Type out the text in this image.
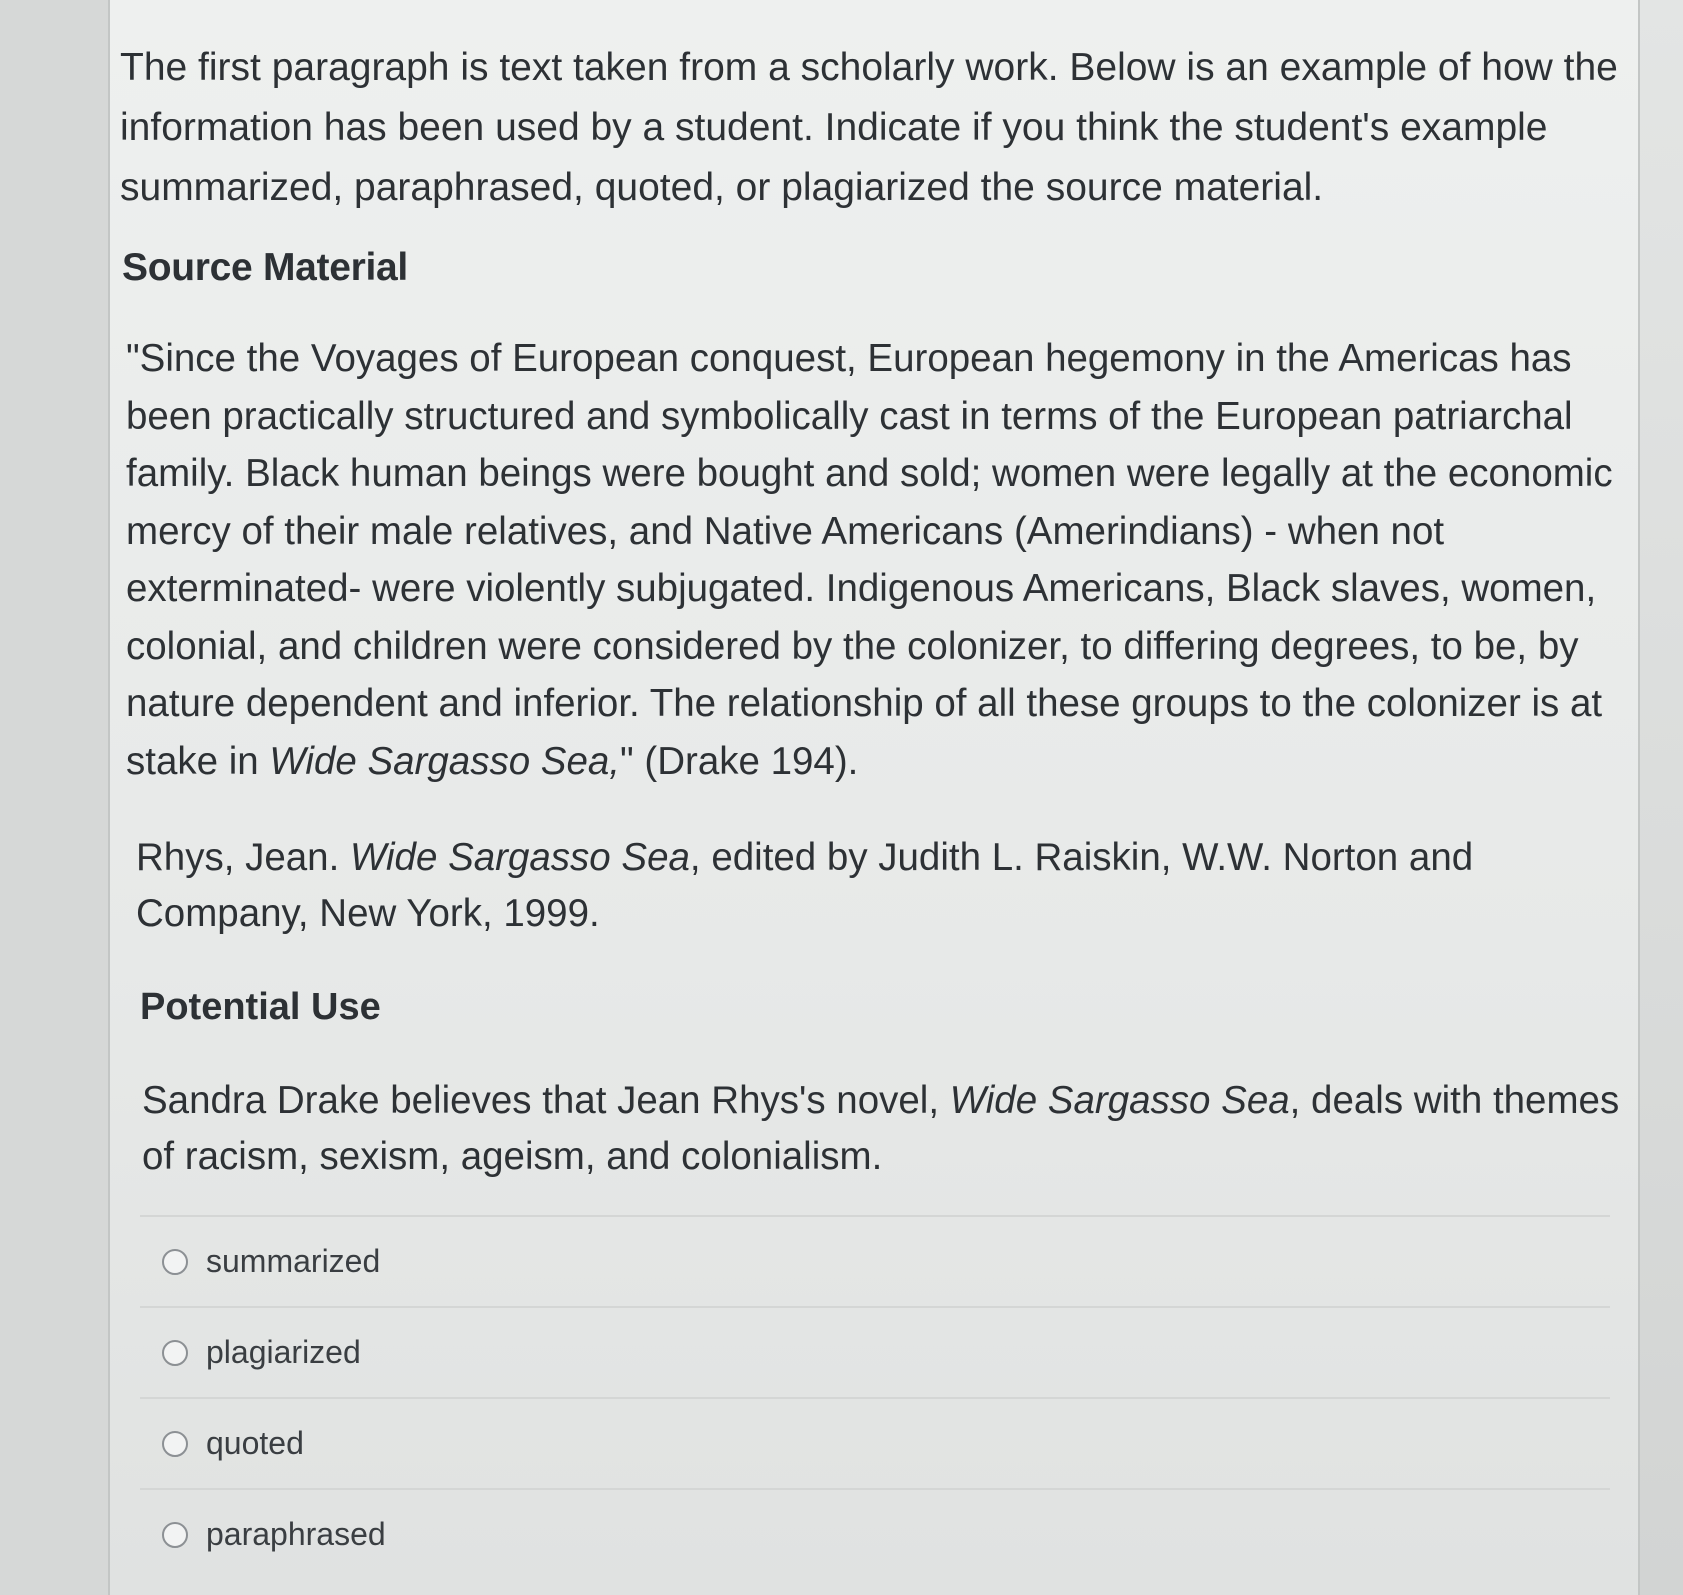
The first paragraph is text taken from a scholarly work. Below is an example of how the information has been used by a student. Indicate if you think the student's example summarized, paraphrased, quoted, or plagiarized the source material.

Source Material

"Since the Voyages of European conquest, European hegemony in the Americas has been practically structured and symbolically cast in terms of the European patriarchal family. Black human beings were bought and sold; women were legally at the economic mercy of their male relatives, and Native Americans (Amerindians) - when not exterminated- were violently subjugated. Indigenous Americans, Black slaves, women, colonial, and children were considered by the colonizer, to differing degrees, to be, by nature dependent and inferior. The relationship of all these groups to the colonizer is at stake in Wide Sargasso Sea," (Drake 194).

Rhys, Jean. Wide Sargasso Sea, edited by Judith L. Raiskin, W.W. Norton and Company, New York, 1999.

Potential Use

Sandra Drake believes that Jean Rhys's novel, Wide Sargasso Sea, deals with themes of racism, sexism, ageism, and colonialism.

summarized
plagiarized
quoted
paraphrased
